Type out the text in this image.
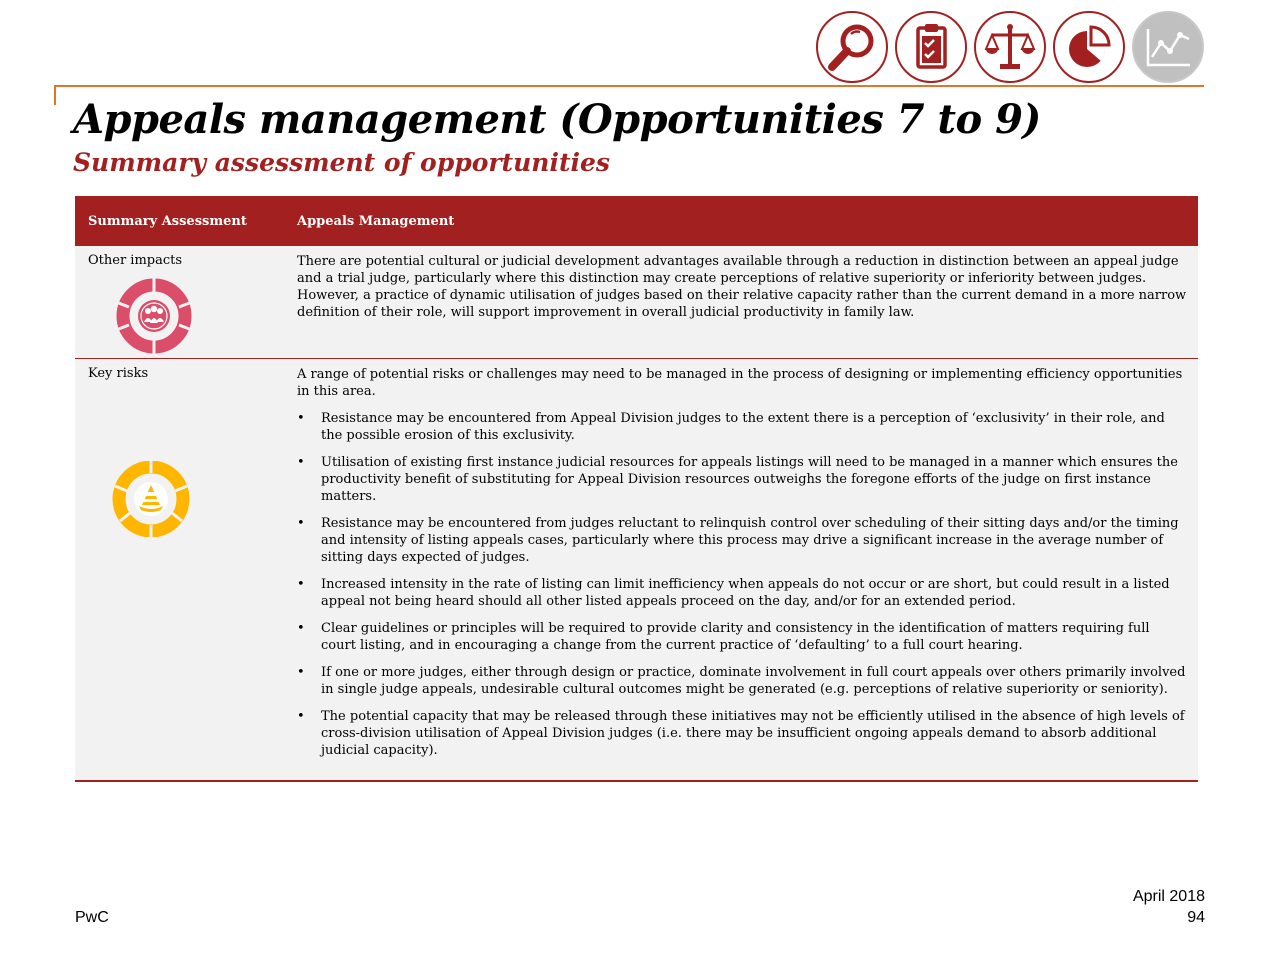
Appeals management (Opportunities 7 to 9)
Summary assessment of opportunities
Summary Assessment	Appeals Management
Other impacts	There are potential cultural or judicial development advantages available through a reduction in distinction between an appeal judge and a trial judge, particularly where this distinction may create perceptions of relative superiority or inferiority between judges. However, a practice of dynamic utilisation of judges based on their relative capacity rather than the current demand in a more narrow definition of their role, will support improvement in overall judicial productivity in family law.

Key risks	A range of potential risks or challenges may need to be managed in the process of designing or implementing efficiency opportunities in this area.

• Resistance may be encountered from Appeal Division judges to the extent there is a perception of ‘exclusivity’ in their role, and the possible erosion of this exclusivity.
• Utilisation of existing first instance judicial resources for appeals listings will need to be managed in a manner which ensures the productivity benefit of substituting for Appeal Division resources outweighs the foregone efforts of the judge on first instance matters.
• Resistance may be encountered from judges reluctant to relinquish control over scheduling of their sitting days and/or the timing and intensity of listing appeals cases, particularly where this process may drive a significant increase in the average number of sitting days expected of judges.
• Increased intensity in the rate of listing can limit inefficiency when appeals do not occur or are short, but could result in a listed appeal not being heard should all other listed appeals proceed on the day, and/or for an extended period.
• Clear guidelines or principles will be required to provide clarity and consistency in the identification of matters requiring full court listing, and in encouraging a change from the current practice of ‘defaulting’ to a full court hearing.
• If one or more judges, either through design or practice, dominate involvement in full court appeals over others primarily involved in single judge appeals, undesirable cultural outcomes might be generated (e.g. perceptions of relative superiority or seniority).
• The potential capacity that may be released through these initiatives may not be efficiently utilised in the absence of high levels of cross-division utilisation of Appeal Division judges (i.e. there may be insufficient ongoing appeals demand to absorb additional judicial capacity).
PwC
April 2018
94
